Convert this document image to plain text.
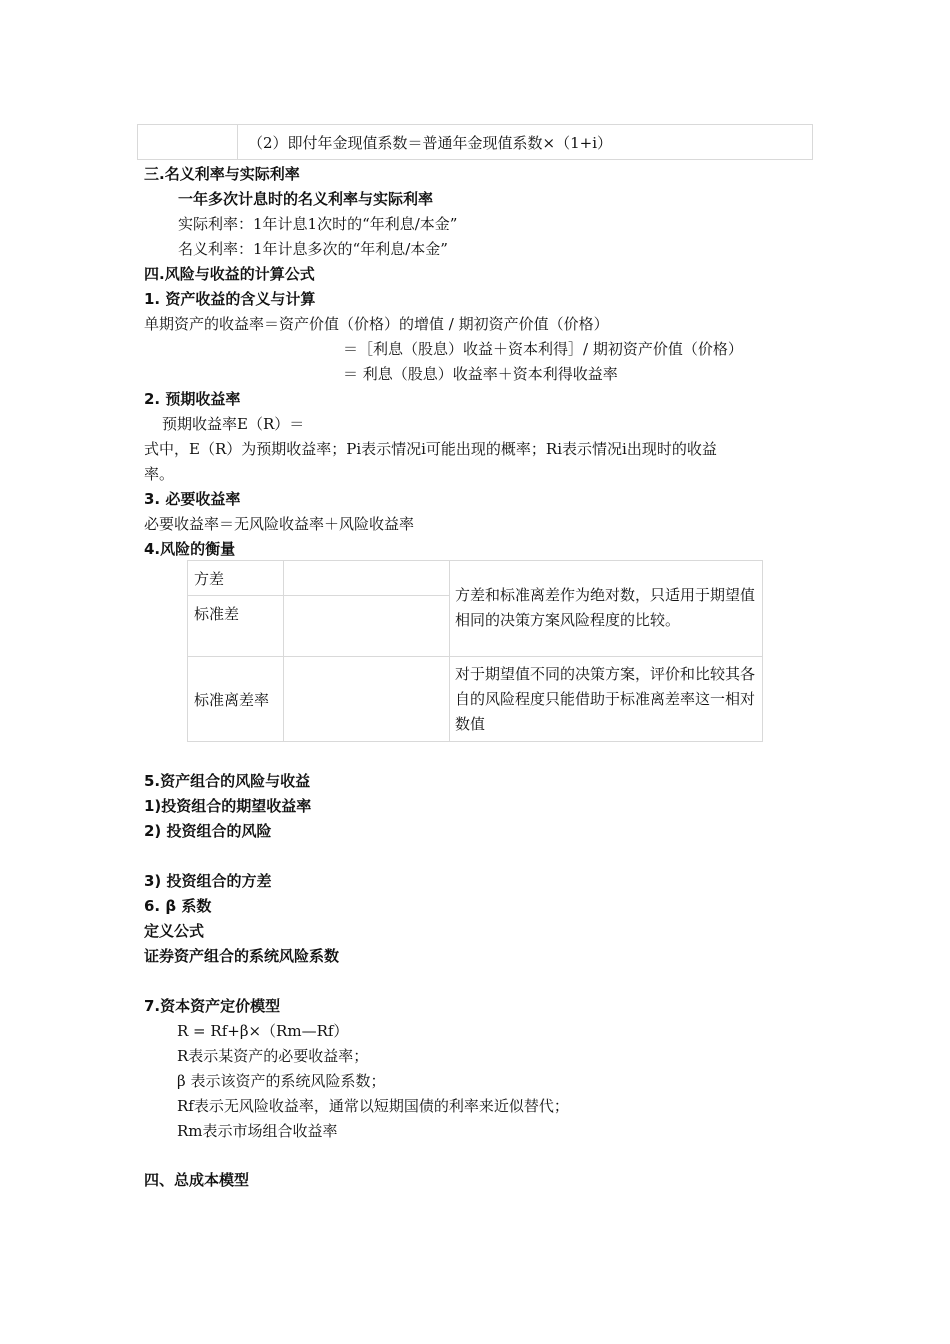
（2）即付年金现值系数＝普通年金现值系数×（1+i）
三.名义利率与实际利率
一年多次计息时的名义利率与实际利率
实际利率：1年计息1次时的“年利息/本金”
名义利率：1年计息多次的“年利息/本金”
四.风险与收益的计算公式
1. 资产收益的含义与计算
单期资产的收益率＝资产价值（价格）的增值 / 期初资产价值（价格）
＝［利息（股息）收益＋资本利得］/ 期初资产价值（价格）
＝ 利息（股息）收益率＋资本利得收益率
2. 预期收益率
预期收益率E（R）＝
式中，E（R）为预期收益率；Pi表示情况i可能出现的概率；Ri表示情况i出现时的收益
率。
3. 必要收益率
必要收益率＝无风险收益率＋风险收益率
4.风险的衡量
方差
标准差
标准离差率
方差和标准离差作为绝对数，只适用于期望值相同的决策方案风险程度的比较。
对于期望值不同的决策方案，评价和比较其各自的风险程度只能借助于标准离差率这一相对数值
5.资产组合的风险与收益
1)投资组合的期望收益率
2) 投资组合的风险
3) 投资组合的方差
6. β 系数
定义公式
证券资产组合的系统风险系数
7.资本资产定价模型
R = Rf+β×（Rm—Rf）
R表示某资产的必要收益率；
β 表示该资产的系统风险系数；
Rf表示无风险收益率，通常以短期国债的利率来近似替代；
Rm表示市场组合收益率
四、总成本模型
